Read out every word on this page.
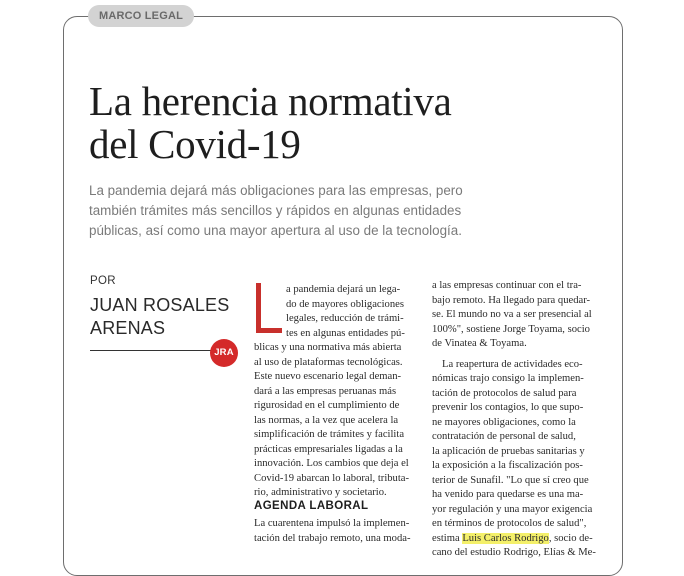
MARCO LEGAL
La herencia normativa
del Covid-19

La pandemia dejará más obligaciones para las empresas, pero
también trámites más sencillos y rápidos en algunas entidades
públicas, así como una mayor apertura al uso de la tecnología.

POR
JUAN ROSALES
ARENAS
JRA
a pandemia dejará un lega-
do de mayores obligaciones
legales, reducción de trámi-
tes en algunas entidades pú-
blicas y una normativa más abierta
al uso de plataformas tecnológicas.
Este nuevo escenario legal deman-
dará a las empresas peruanas más
rigurosidad en el cumplimiento de
las normas, a la vez que acelera la
simplificación de trámites y facilita
prácticas empresariales ligadas a la
innovación. Los cambios que deja el
Covid-19 abarcan lo laboral, tributa-
rio, administrativo y societario.
AGENDA LABORAL
La cuarentena impulsó la implemen-
tación del trabajo remoto, una moda-
a las empresas continuar con el tra-
bajo remoto. Ha llegado para quedar-
se. El mundo no va a ser presencial al
100%", sostiene Jorge Toyama, socio
de Vinatea & Toyama.
La reapertura de actividades eco-
nómicas trajo consigo la implemen-
tación de protocolos de salud para
prevenir los contagios, lo que supo-
ne mayores obligaciones, como la
contratación de personal de salud,
la aplicación de pruebas sanitarias y
la exposición a la fiscalización pos-
terior de Sunafil. "Lo que sí creo que
ha venido para quedarse es una ma-
yor regulación y una mayor exigencia
en términos de protocolos de salud",
estima Luis Carlos Rodrigo, socio de-
cano del estudio Rodrigo, Elías & Me-
